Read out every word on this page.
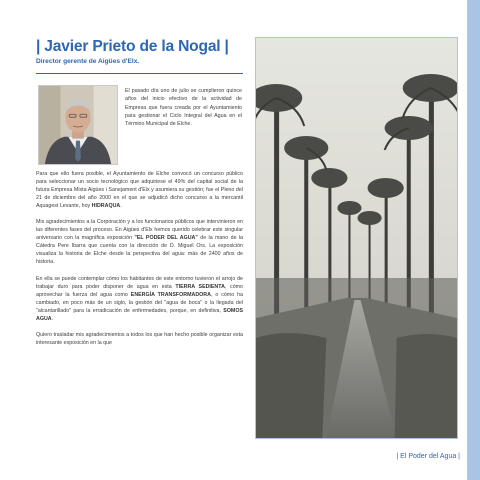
| Javier Prieto de la Nogal |
Director gerente de Aigües d'Elx.

El pasado día uno de julio se cumplieron quince años del inicio efectivo de la actividad de Empresa que fuera creada por el Ayuntamiento para gestionar el Ciclo Integral del Agua en el Término Municipal de Elche.

Para que ello fuera posible, el Ayuntamiento de Elche convocó un concurso público para seleccionar un socio tecnológico que adquiriese el 49% del capital social de la futura Empresa Mixta Aigües i Sanejament d'Elx y asumiera su gestión; fue el Pleno del 21 de diciembre del año 2000 en el que se adjudicó dicho concurso a la mercantil Aquagest Levante, hoy HIDRAQUA.

Mis agradecimientos a la Corporación y a los funcionarios públicos que intervinieron en las diferentes fases del proceso. En Aigües d'Elx hemos querido celebrar este singular aniversario con la magnífica exposición "EL PODER DEL AGUA" de la mano de la Cátedra Pere Ibarra que cuenta con la dirección de D. Miguel Ors. La exposición visualiza la historia de Elche desde la perspectiva del agua: más de 2400 años de historia.

En ella se puede contemplar cómo los habitantes de este entorno tuvieron el arrojo de trabajar duro para poder disponer de agua en esta TIERRA SEDIENTA, cómo aprovechar la fuerza del agua como ENERGÍA TRANSFORMADORA, o cómo ha cambiado, en poco más de un siglo, la gestión del "agua de boca" o la llegada del "alcantarillado" para la erradicación de enfermedades, porque, en definitiva, SOMOS AGUA.

Quiero trasladar mis agradecimientos a todos los que han hecho posible organizar esta interesante exposición en la que

| El Poder del Agua |
